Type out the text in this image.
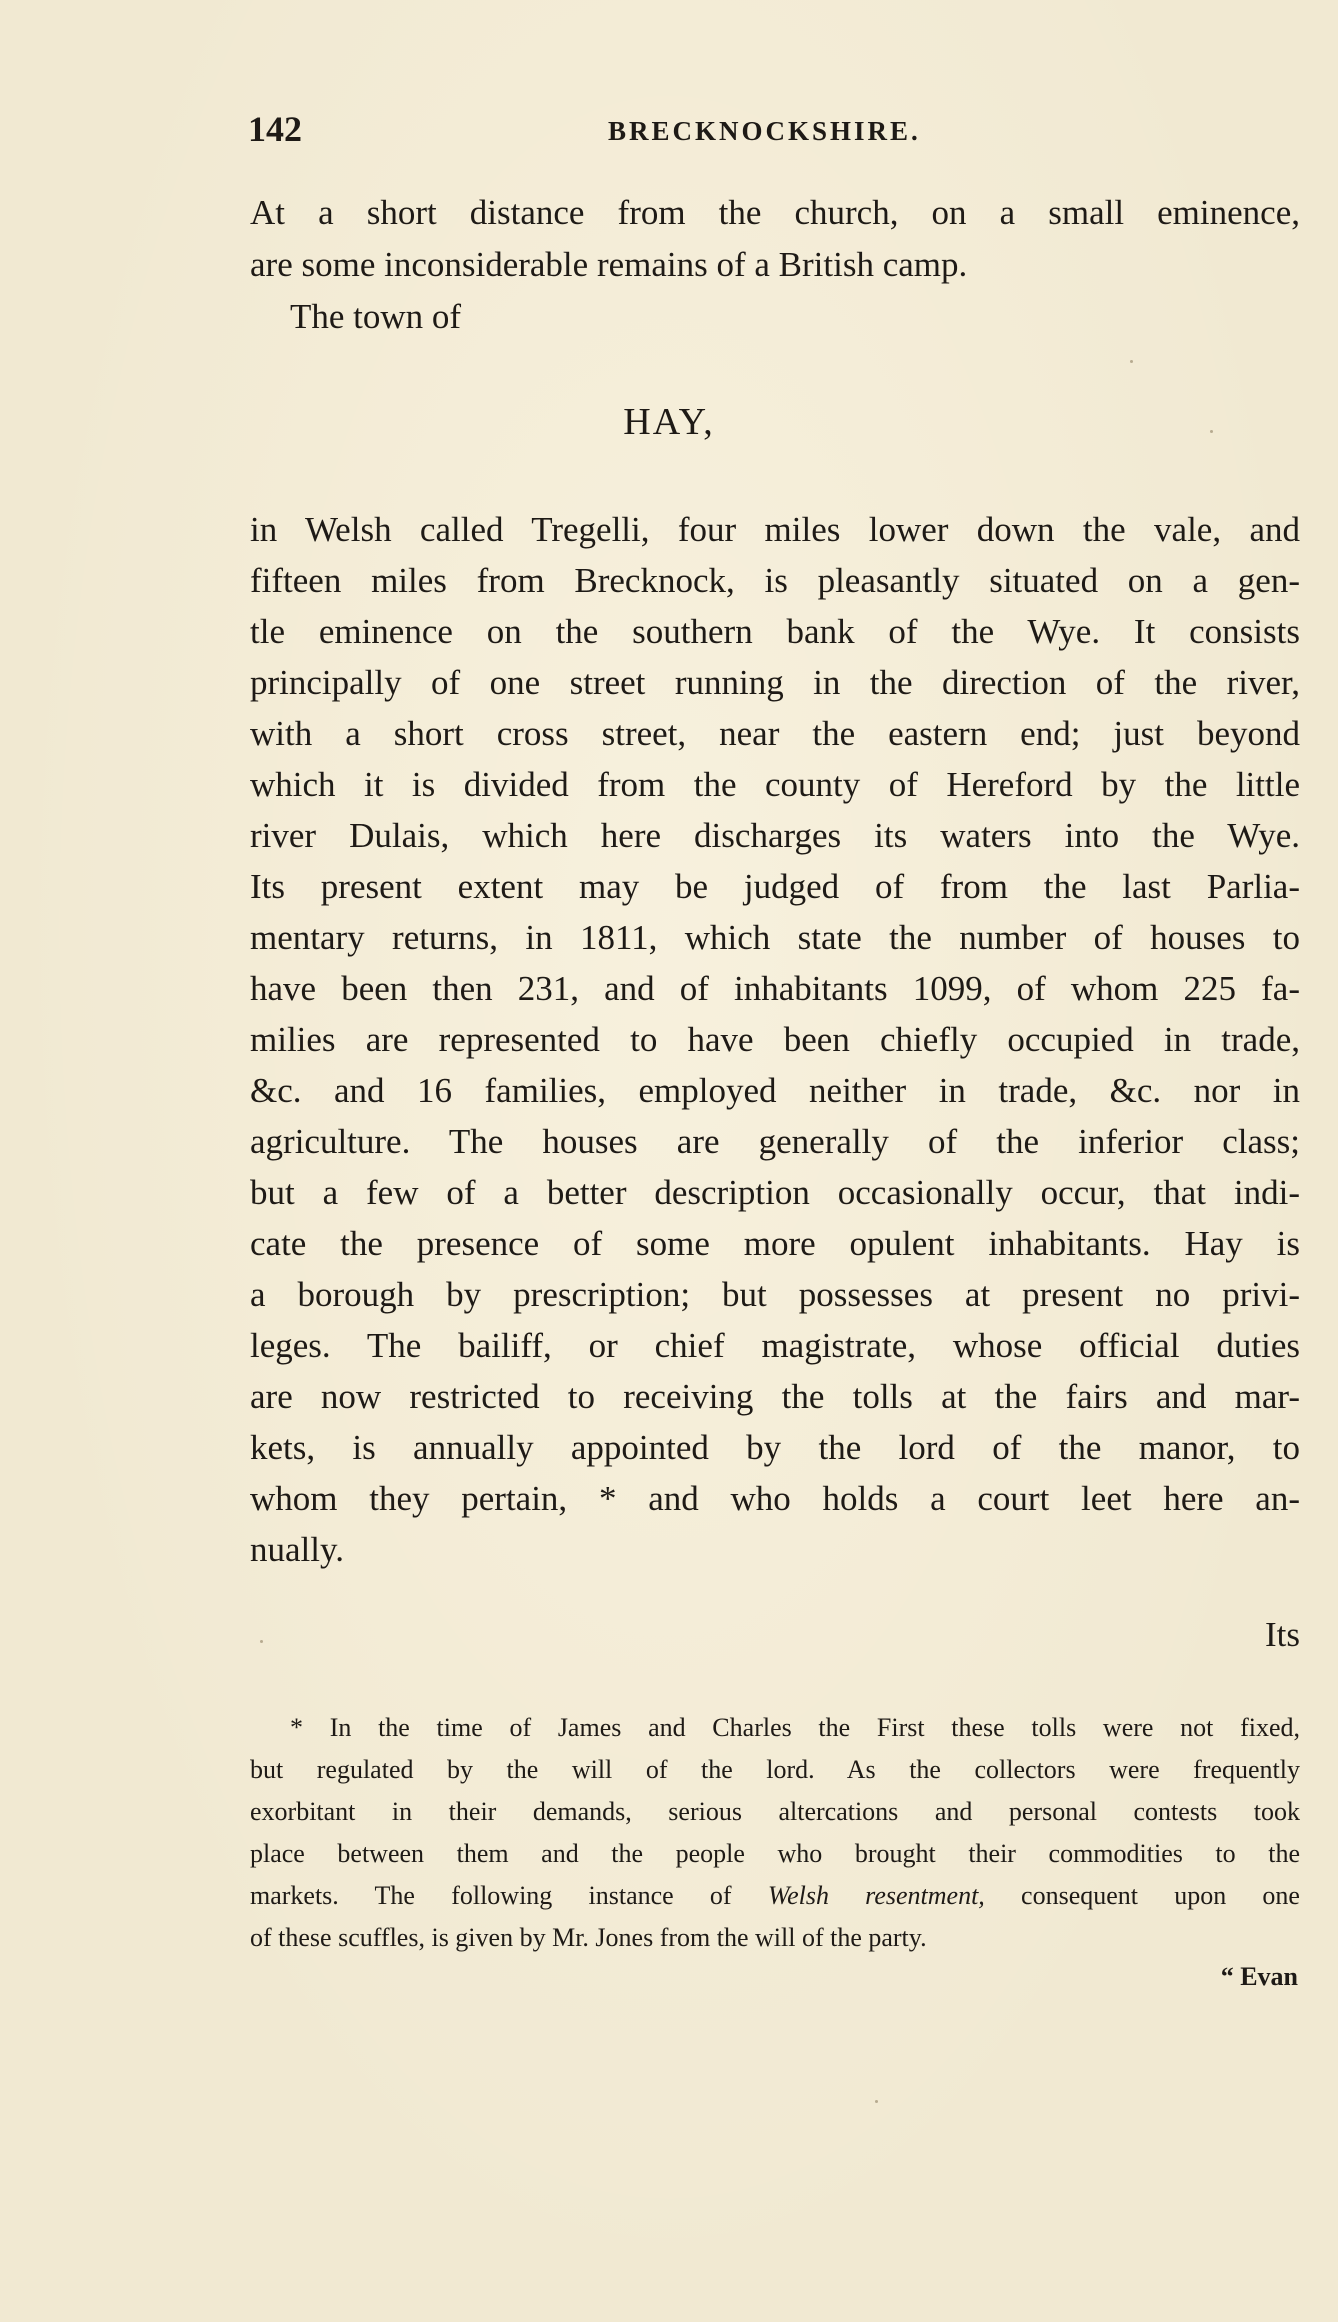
142	BRECKNOCKSHIRE.
At a short distance from the church, on a small eminence,
are some inconsiderable remains of a British camp.
The town of
HAY,
in Welsh called Tregelli, four miles lower down the vale, and
fifteen miles from Brecknock, is pleasantly situated on a gen-
tle eminence on the southern bank of the Wye. It consists
principally of one street running in the direction of the river,
with a short cross street, near the eastern end; just beyond
which it is divided from the county of Hereford by the little
river Dulais, which here discharges its waters into the Wye.
Its present extent may be judged of from the last Parlia-
mentary returns, in 1811, which state the number of houses to
have been then 231, and of inhabitants 1099, of whom 225 fa-
milies are represented to have been chiefly occupied in trade,
&c. and 16 families, employed neither in trade, &c. nor in
agriculture. The houses are generally of the inferior class;
but a few of a better description occasionally occur, that indi-
cate the presence of some more opulent inhabitants. Hay is
a borough by prescription; but possesses at present no privi-
leges. The bailiff, or chief magistrate, whose official duties
are now restricted to receiving the tolls at the fairs and mar-
kets, is annually appointed by the lord of the manor, to
whom they pertain, * and who holds a court leet here an-
nually.
Its
* In the time of James and Charles the First these tolls were not fixed,
but regulated by the will of the lord. As the collectors were frequently
exorbitant in their demands, serious altercations and personal contests took
place between them and the people who brought their commodities to the
markets. The following instance of Welsh resentment, consequent upon one
of these scuffles, is given by Mr. Jones from the will of the party.
“ Evan
